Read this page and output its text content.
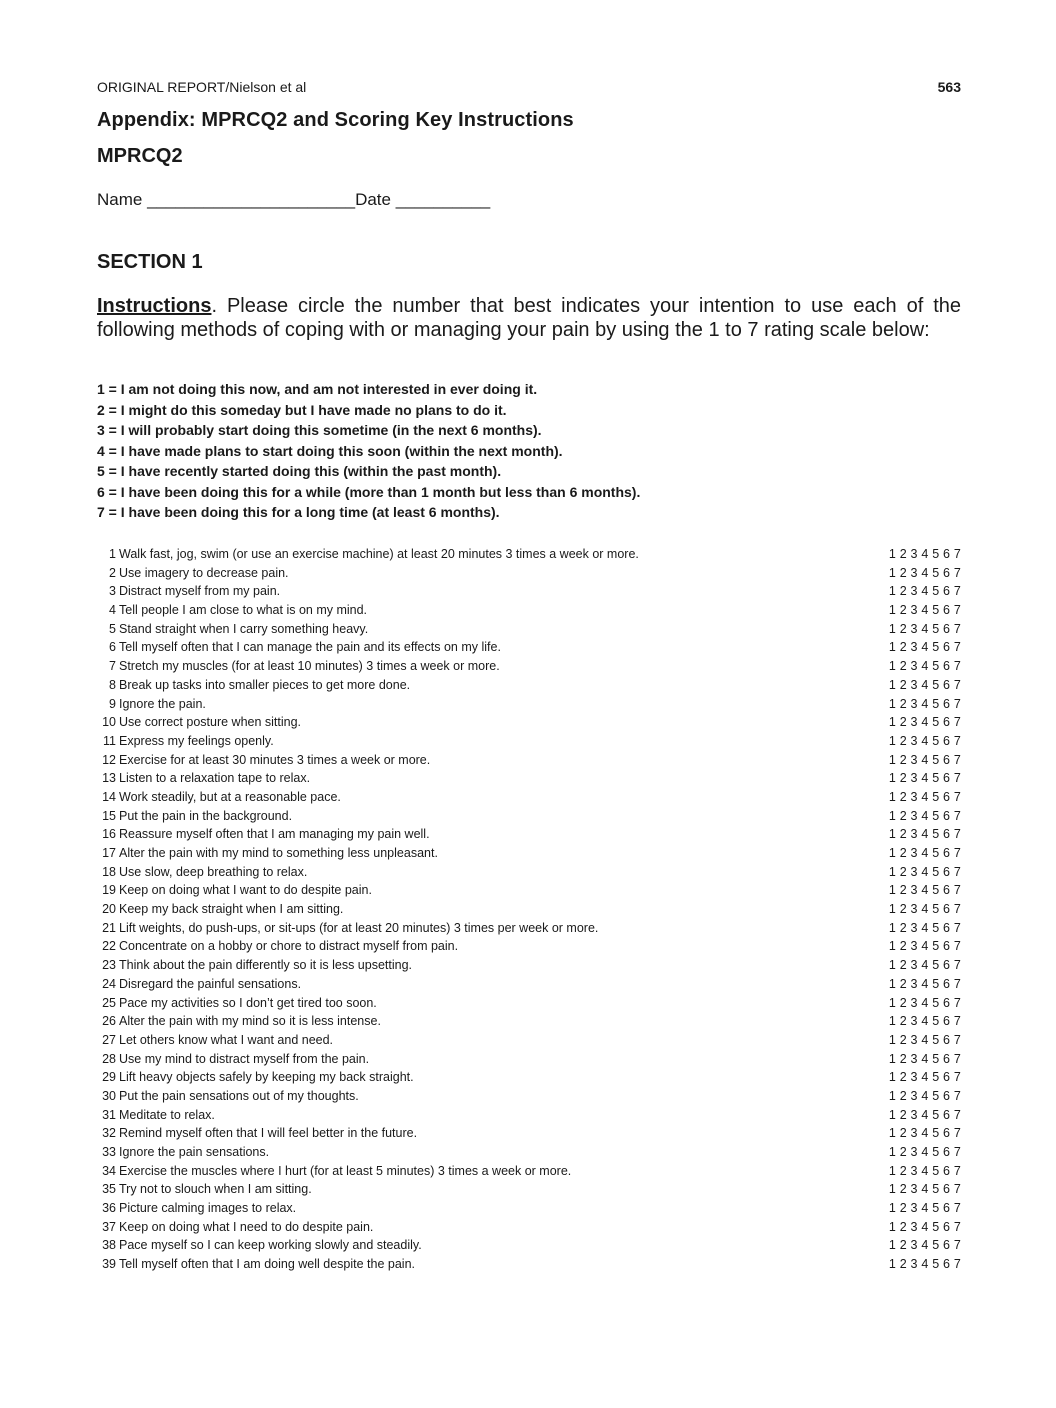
ORIGINAL REPORT/Nielson et al	563
Appendix: MPRCQ2 and Scoring Key Instructions
MPRCQ2
Name ______________________Date __________
SECTION 1

Instructions. Please circle the number that best indicates your intention to use each of the following methods of coping with or managing your pain by using the 1 to 7 rating scale below:

1 = I am not doing this now, and am not interested in ever doing it.
2 = I might do this someday but I have made no plans to do it.
3 = I will probably start doing this sometime (in the next 6 months).
4 = I have made plans to start doing this soon (within the next month).
5 = I have recently started doing this (within the past month).
6 = I have been doing this for a while (more than 1 month but less than 6 months).
7 = I have been doing this for a long time (at least 6 months).
1 Walk fast, jog, swim (or use an exercise machine) at least 20 minutes 3 times a week or more.	1 2 3 4 5 6 7
2 Use imagery to decrease pain.	1 2 3 4 5 6 7
3 Distract myself from my pain.	1 2 3 4 5 6 7
4 Tell people I am close to what is on my mind.	1 2 3 4 5 6 7
5 Stand straight when I carry something heavy.	1 2 3 4 5 6 7
6 Tell myself often that I can manage the pain and its effects on my life.	1 2 3 4 5 6 7
7 Stretch my muscles (for at least 10 minutes) 3 times a week or more.	1 2 3 4 5 6 7
8 Break up tasks into smaller pieces to get more done.	1 2 3 4 5 6 7
9 Ignore the pain.	1 2 3 4 5 6 7
10 Use correct posture when sitting.	1 2 3 4 5 6 7
11 Express my feelings openly.	1 2 3 4 5 6 7
12 Exercise for at least 30 minutes 3 times a week or more.	1 2 3 4 5 6 7
13 Listen to a relaxation tape to relax.	1 2 3 4 5 6 7
14 Work steadily, but at a reasonable pace.	1 2 3 4 5 6 7
15 Put the pain in the background.	1 2 3 4 5 6 7
16 Reassure myself often that I am managing my pain well.	1 2 3 4 5 6 7
17 Alter the pain with my mind to something less unpleasant.	1 2 3 4 5 6 7
18 Use slow, deep breathing to relax.	1 2 3 4 5 6 7
19 Keep on doing what I want to do despite pain.	1 2 3 4 5 6 7
20 Keep my back straight when I am sitting.	1 2 3 4 5 6 7
21 Lift weights, do push-ups, or sit-ups (for at least 20 minutes) 3 times per week or more.	1 2 3 4 5 6 7
22 Concentrate on a hobby or chore to distract myself from pain.	1 2 3 4 5 6 7
23 Think about the pain differently so it is less upsetting.	1 2 3 4 5 6 7
24 Disregard the painful sensations.	1 2 3 4 5 6 7
25 Pace my activities so I don’t get tired too soon.	1 2 3 4 5 6 7
26 Alter the pain with my mind so it is less intense.	1 2 3 4 5 6 7
27 Let others know what I want and need.	1 2 3 4 5 6 7
28 Use my mind to distract myself from the pain.	1 2 3 4 5 6 7
29 Lift heavy objects safely by keeping my back straight.	1 2 3 4 5 6 7
30 Put the pain sensations out of my thoughts.	1 2 3 4 5 6 7
31 Meditate to relax.	1 2 3 4 5 6 7
32 Remind myself often that I will feel better in the future.	1 2 3 4 5 6 7
33 Ignore the pain sensations.	1 2 3 4 5 6 7
34 Exercise the muscles where I hurt (for at least 5 minutes) 3 times a week or more.	1 2 3 4 5 6 7
35 Try not to slouch when I am sitting.	1 2 3 4 5 6 7
36 Picture calming images to relax.	1 2 3 4 5 6 7
37 Keep on doing what I need to do despite pain.	1 2 3 4 5 6 7
38 Pace myself so I can keep working slowly and steadily.	1 2 3 4 5 6 7
39 Tell myself often that I am doing well despite the pain.	1 2 3 4 5 6 7
